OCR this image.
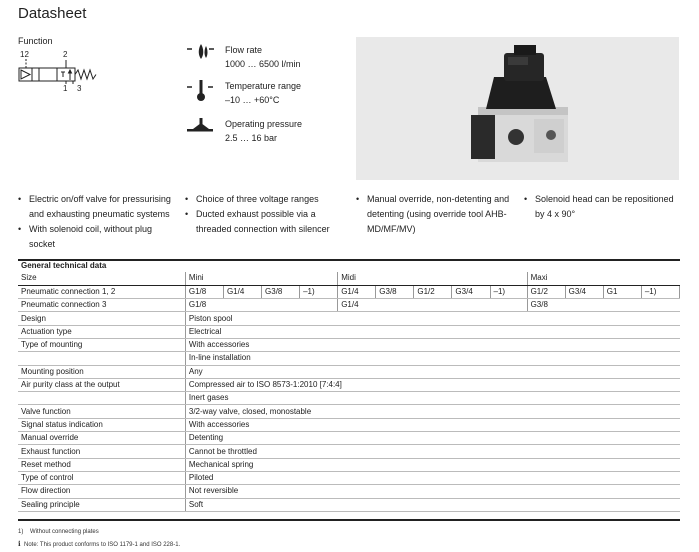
Datasheet
Function
12	2
1 3
Flow rate
1000 … 6500 l/min
Temperature range
–10 … +60°C
Operating pressure
2.5 … 16 bar
• Electric on/off valve for pressurising and exhausting pneumatic systems
• With solenoid coil, without plug socket
• Choice of three voltage ranges
• Ducted exhaust possible via a threaded connection with silencer
• Manual override, non-detenting and detenting (using override tool AHB-MD/MF/MV)
• Solenoid head can be repositioned by 4 x 90°
General technical data													
Size	Mini				Midi					Maxi			
Pneumatic connection 1, 2	G1/8	G1/4	G3/8	–1)	G1/4	G3/8	G1/2	G3/4	–1)	G1/2	G3/4	G1	–1)
Pneumatic connection 3	G1/8				G1/4					G3/8			
Design	Piston spool												
Actuation type	Electrical												
Type of mounting	With accessories												
	In-line installation												
Mounting position	Any												
Air purity class at the output	Compressed air to ISO 8573-1:2010 [7:4:4]												
	Inert gases												
Valve function	3/2-way valve, closed, monostable												
Signal status indication	With accessories												
Manual override	Detenting												
Exhaust function	Cannot be throttled												
Reset method	Mechanical spring												
Type of control	Piloted												
Flow direction	Not reversible												
Sealing principle	Soft												
1) Without connecting plates
ℹ Note: This product conforms to ISO 1179-1 and ISO 228-1.
